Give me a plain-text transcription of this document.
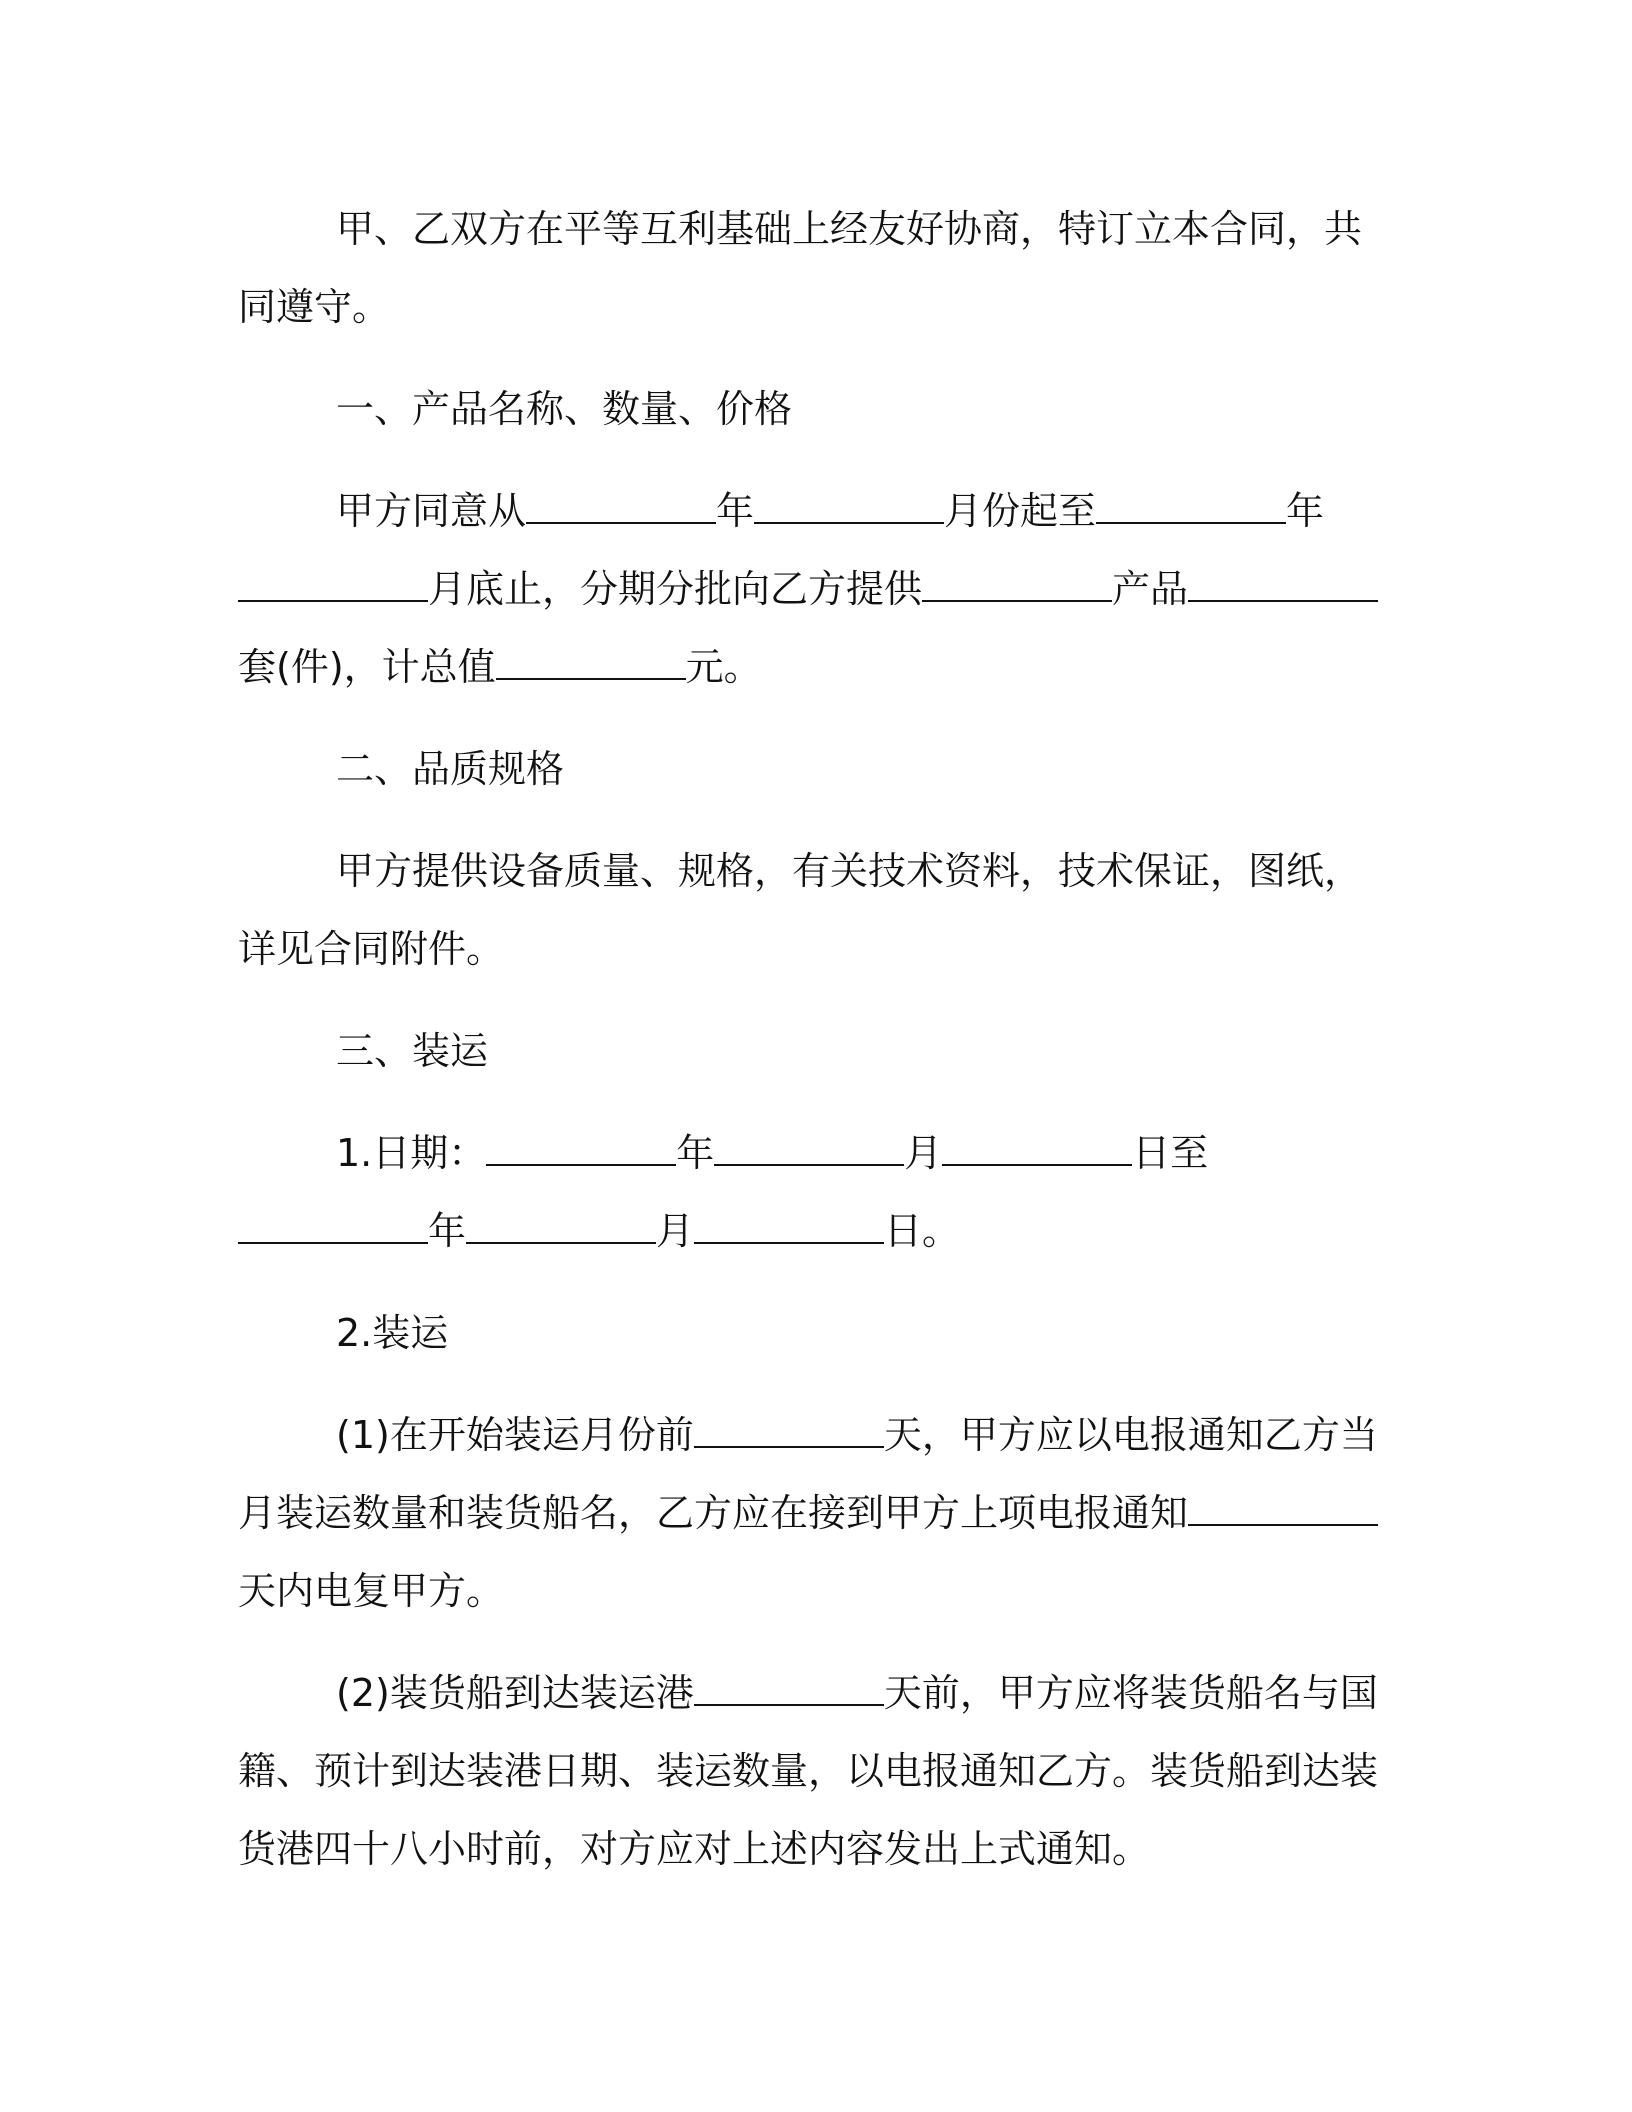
甲、乙双方在平等互利基础上经友好协商，特订立本合同，共同遵守。

一、产品名称、数量、价格

甲方同意从	年	月份起至	年月底止，分期分批向乙方提供	产品套(件)，计总值	元。

二、品质规格

甲方提供设备质量、规格，有关技术资料，技术保证，图纸，详见合同附件。

三、装运

1.日期：	年	月	日至年	月	日。

2.装运

(1)在开始装运月份前	天，甲方应以电报通知乙方当月装运数量和装货船名，乙方应在接到甲方上项电报通知天内电复甲方。

(2)装货船到达装运港	天前，甲方应将装货船名与国籍、预计到达装港日期、装运数量，以电报通知乙方。装货船到达装货港四十八小时前，对方应对上述内容发出上式通知。
